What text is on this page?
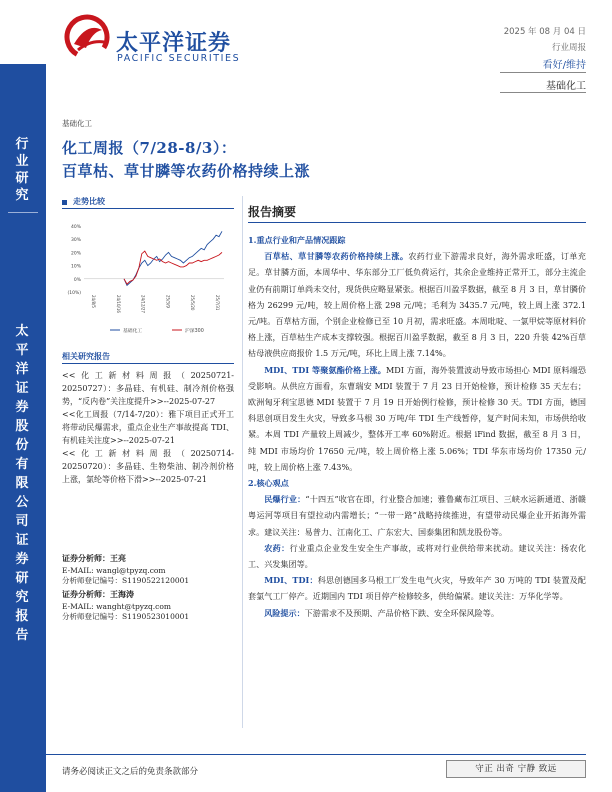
太平洋证券
PACIFIC SECURITIES
2025 年 08 月 04 日
行业周报
看好/维持
基础化工
行
业
研
究
太
平
洋
证
券
股
份
有
限
公
司
证
券
研
究
报
告
基础化工
化工周报（7/28-8/3）：
百草枯、草甘膦等农药价格持续上涨
走势比较
40%
30%
20%
10%
0%
(10%)
24/8/5	24/10/16	24/12/27	25/3/9	25/5/20	25/7/31
基础化工	沪深300
相关研究报告
<<化工新材料周报（20250721-20250727）：多晶硅、有机硅、制冷剂价格强势，“反内卷”关注度提升>>--2025-07-27
<<化工周报（7/14-7/20）：雅下项目正式开工将带动民爆需求，重点企业生产事故提高 TDI、有机硅关注度>>--2025-07-21
<<化工新材料周报（20250714-20250720）：多晶硅、生物柴油、制冷剂价格上涨，氯纶等价格下滑>>--2025-07-21
证券分析师：王亮
E-MAIL: wangl@tpyzq.com
分析师登记编号：S1190522120001
证券分析师：王海涛
E-MAIL: wanght@tpyzq.com
分析师登记编号：S1190523010001
报告摘要
1.重点行业和产品情况跟踪

百草枯、草甘膦等农药价格持续上涨。农药行业下游需求良好，海外需求旺盛，订单充足。草甘膦方面，本周华中、华东部分工厂低负荷运行，其余企业维持正常开工，部分主流企业仍有前期订单尚未交付，现货供应略显紧张。根据百川盈孚数据，截至 8 月 3 日，草甘膦价格为 26299 元/吨，较上周价格上涨 298 元/吨；毛利为 3435.7 元/吨，较上周上涨 372.1 元/吨。百草枯方面，个别企业检修已至 10 月初，需求旺盛。本周吡啶、一氯甲烷等原材料价格上涨，百草枯生产成本支撑较强。根据百川盈孚数据，截至 8 月 3 日，220 升装 42%百草枯母液供应商报价 1.5 万元/吨，环比上周上涨 7.14%。

MDI、TDI 等聚氨酯价格上涨。MDI 方面，海外装置波动导致市场担心 MDI 原料端恐受影响。从供应方面看，东曹瑞安 MDI 装置于 7 月 23 日开始检修，预计检修 35 天左右；欧洲匈牙利宝思德 MDI 装置于 7 月 19 日开始例行检修，预计检修 30 天。TDI 方面，德国科思创项目发生火灾，导致多马根 30 万吨/年 TDI 生产线暂停，复产时间未知，市场供给收紧。本周 TDI 产量较上周减少，整体开工率 60%附近。根据 iFind 数据，截至 8 月 3 日，纯 MDI 市场均价 17650 元/吨，较上周价格上涨 5.06%；TDI 华东市场均价 17350 元/吨，较上周价格上涨 7.43%。

2.核心观点

民爆行业：“十四五”收官在即，行业整合加速；雅鲁藏布江项目、三峡水运新通道、浙赣粤运河等项目有望拉动内需增长；“一带一路”战略持续推进，有望带动民爆企业开拓海外需求。建议关注：易普力、江南化工、广东宏大、国泰集团和凯龙股份等。

农药：行业重点企业发生安全生产事故，或将对行业供给带来扰动。建议关注：扬农化工、兴发集团等。

MDI、TDI：科思创德国多马根工厂发生电气火灾，导致年产 30 万吨的 TDI 装置及配套氯气工厂停产。近期国内 TDI 项目停产检修较多，供给偏紧。建议关注：万华化学等。

风险提示：下游需求不及预期、产品价格下跌、安全环保风险等。

请务必阅读正文之后的免责条款部分	守正 出奇 宁静 致远
